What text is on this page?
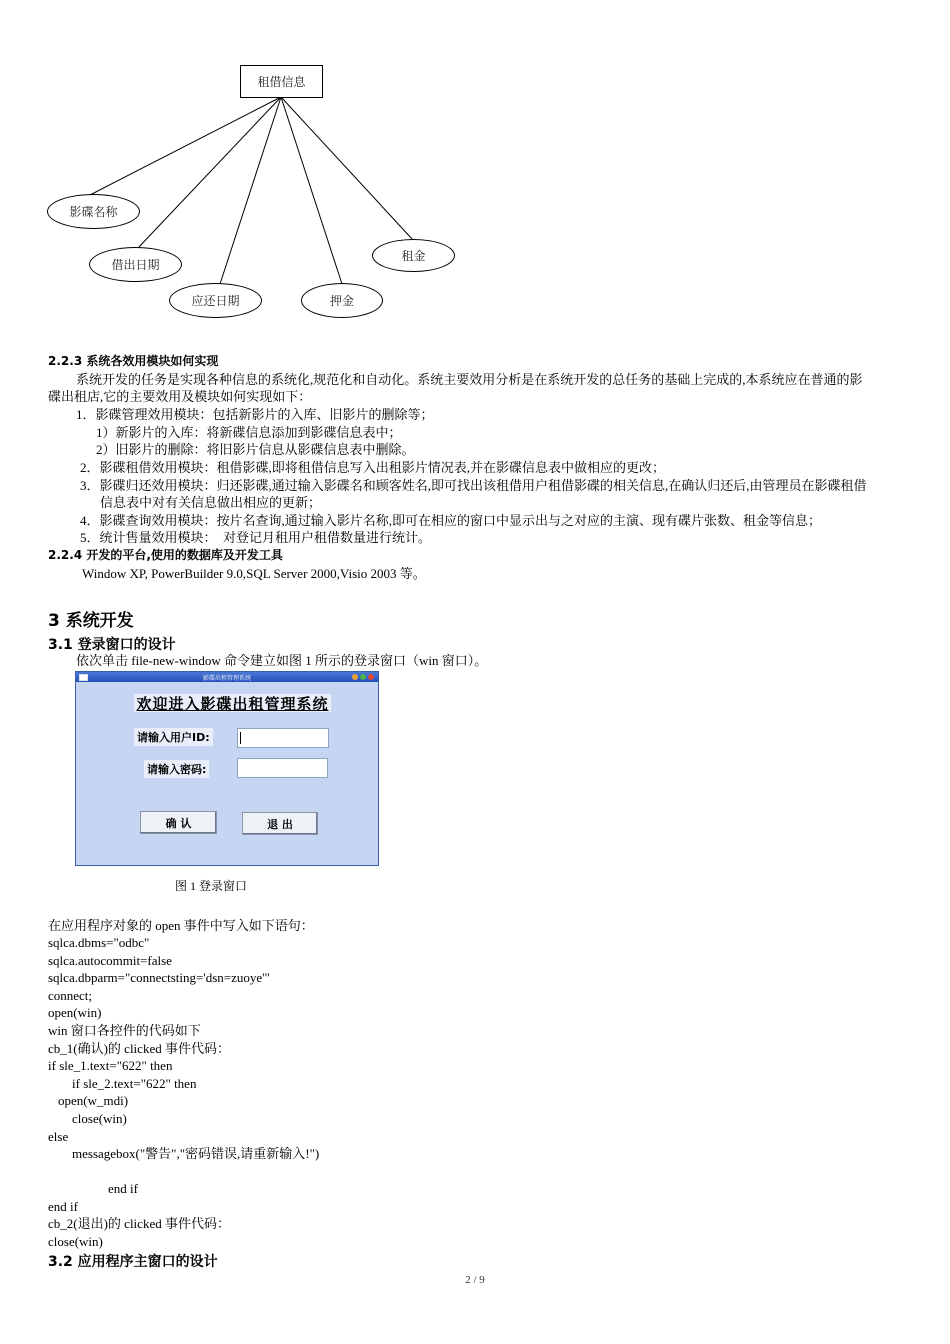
租借信息
影碟名称
借出日期
应还日期	押金
租金
2.2.3 系统各效用模块如何实现
系统开发的任务是实现各种信息的系统化,规范化和自动化。系统主要效用分析是在系统开发的总任务的基础上完成的,本系统应在普通的影
碟出租店,它的主要效用及模块如何实现如下：
1．影碟管理效用模块：包括新影片的入库、旧影片的删除等；
1）新影片的入库：将新碟信息添加到影碟信息表中；
2）旧影片的删除：将旧影片信息从影碟信息表中删除。
2．影碟租借效用模块：租借影碟,即将租借信息写入出租影片情况表,并在影碟信息表中做相应的更改；
3．影碟归还效用模块：归还影碟,通过输入影碟名和顾客姓名,即可找出该租借用户租借影碟的相关信息,在确认归还后,由管理员在影碟租借
信息表中对有关信息做出相应的更新；
4．影碟查询效用模块：按片名查询,通过输入影片名称,即可在相应的窗口中显示出与之对应的主演、现有碟片张数、租金等信息；
5．统计售量效用模块：　对登记月租用户租借数量进行统计。
2.2.4 开发的平台,使用的数据库及开发工具
Window XP, PowerBuilder 9.0,SQL Server 2000,Visio 2003 等。
3 系统开发
3.1 登录窗口的设计
依次单击 file-new-window 命令建立如图 1 所示的登录窗口（win 窗口）。
影碟出租管理系统
欢迎进入影碟出租管理系统
请输入用户ID:
请输入密码:
确 认	退 出
图 1 登录窗口
在应用程序对象的 open 事件中写入如下语句：
sqlca.dbms="odbc"
sqlca.autocommit=false
sqlca.dbparm="connectsting='dsn=zuoye'"
connect;
open(win)
win 窗口各控件的代码如下
cb_1(确认)的 clicked 事件代码：
if sle_1.text="622" then
if sle_2.text="622" then
open(w_mdi)
close(win)
else
messagebox("警告","密码错误,请重新输入!")
end if
end if
cb_2(退出)的 clicked 事件代码：
close(win)
3.2 应用程序主窗口的设计
2 / 9
